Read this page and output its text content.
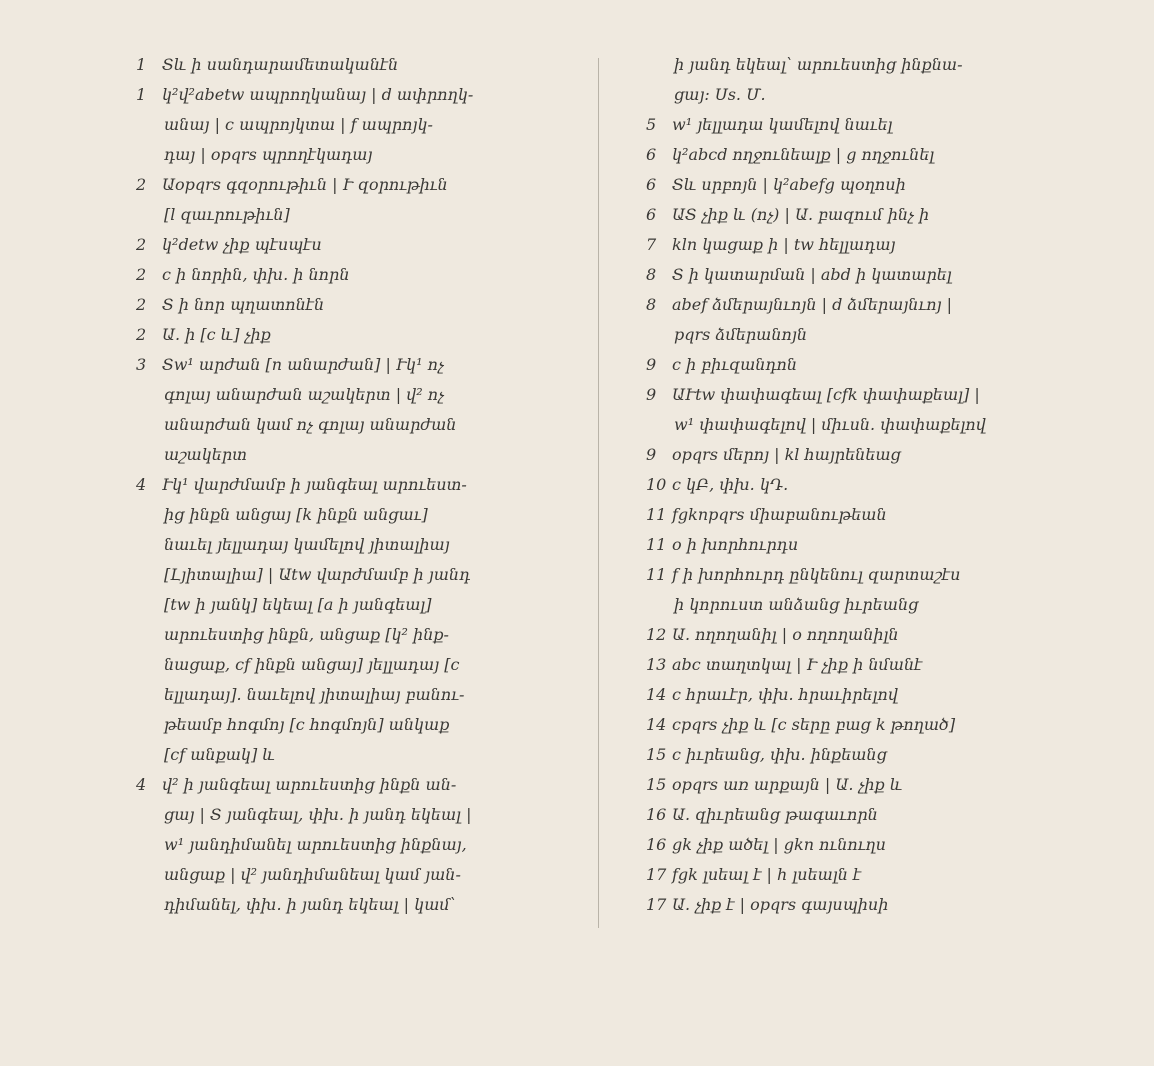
1 Տև ի սանդարամետականէն
1 կ²վ²abetw ապրողկանայ | d ափրողկ-
անայ | c ապրոյկտա | f ապրոյկ-
դայ | opqrs պրողէկադայ
2 Աopqrs գզօրութիւն | Ւ զօրութիւն
[l զաւրութիւն]
2 կ²detw չիք պէսպէս
2 c ի նորին, փխ. ի նորն
2 Տ ի նոր պղատոնէն
2 Ա. ի [c և] չիք
3 Տw¹ արժան [n անարժան] | Ւկ¹ ոչ
գոլայ անարժան աշակերտ | վ² ոչ
անարժան կամ ոչ գոլայ անարժան
աշակերտ
4 Ւկ¹ վարժմամբ ի յանգեալ արուեստ-
ից ինքն անցայ [k ինքն անցաւ]
նաւել յելլադայ կամելով յիտալիայ
[Լյիտալիա] | Աtw վարժմամբ ի յանդ
[tw ի յանկ] եկեալ [a ի յանգեալ]
արուեստից ինքն, անցաք [կ² ինք-
նացաք, cf ինքն անցայ] յելլադայ [c
ելլադայ]. նաւելով յիտալիայ բանու-
թեամբ հոգմոյ [c հոգմոյն] անկաք
[cf անքակ] և
4 վ² ի յանգեալ արուեստից ինքն ան-
ցայ | Տ յանգեալ, փխ. ի յանդ եկեալ |
w¹ յանդիմանել արուեստից ինքնայ,
անցաք | վ² յանդիմանեալ կամ յան-
դիմանել, փխ. ի յանդ եկեալ | կամ՝
ի յանդ եկեալ՝ արուեստից ինքնա-
ցայ։ Սs. Մ.
5 w¹ յելլադա կամելով նաւել
6 կ²abcd ողջունեալք | g ողջունել
6 Տև սրբոյն | կ²abefg պօղոսի
6 ԱՏ չիք և (ոչ) | Ա. բազում ինչ ի
7 kln կացաք ի | tw հելլադայ
8 Տ ի կատարման | abd ի կատարել
8 abef ձմերայնւոյն | d ձմերայնւոյ |
pqrs ձմերանոյն
9 c ի բիւզանդոն
9 ԱՒtw փափագեալ [cfk փափաքեալ] |
w¹ փափագելով | միւսն. փափաքելով
9 opqrs մերոյ | kl հայրենեաց
10 c կԲ, փխ. կԴ.
11 fgknpqrs միաբանութեան
11 o ի խորհուրդս
11 f ի խորհուրդ ընկենուլ զարտաշէս
ի կորուստ անձանց իւրեանց
12 Ա. ողողանիլ | o ողողանիլն
13 abc տաղտկալ | Ւ չիք ի նմանէ
14 c հրաւէր, փխ. հրաւիրելով
14 cpqrs չիք և [c sերը բաց k թողած]
15 c իւրեանց, փխ. ինքեանց
15 opqrs առ արքայն | Ա. չիք և
16 Ա. զիւրեանց թագաւորն
16 gk չիք ածել | gkn ունուղս
17 fgk լսեալ է | h լսեալն է
17 Ա. չիք է | opqrs գայսպիսի
